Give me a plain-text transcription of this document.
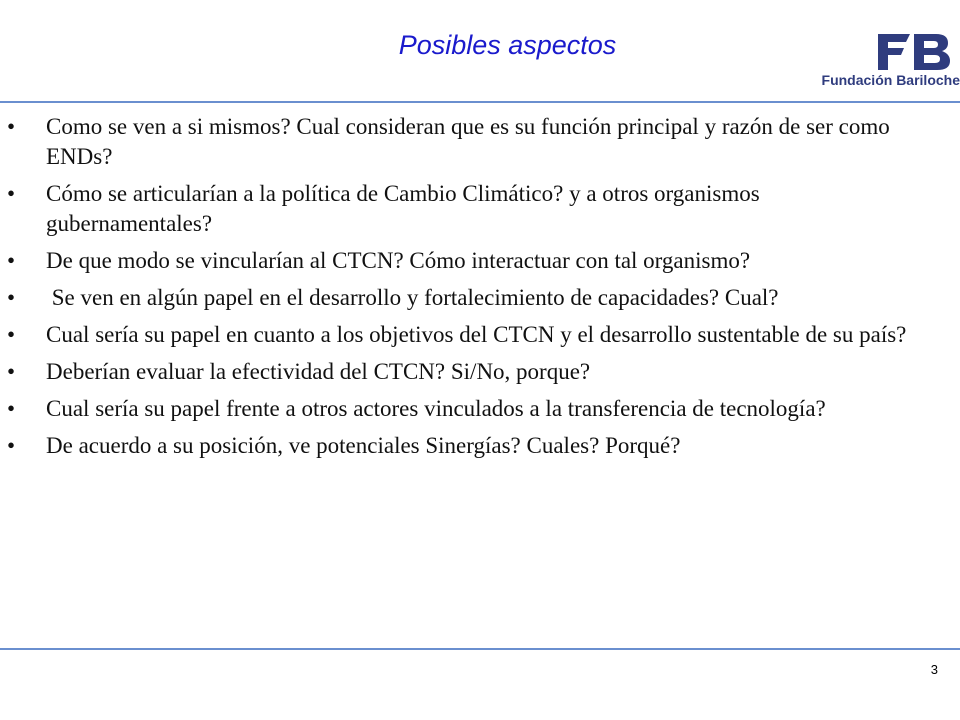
Posibles aspectos
Fundación Bariloche
• Como se ven a si mismos? Cual consideran que es su función principal y razón de ser como ENDs?
• Cómo se articularían a la política de Cambio Climático? y a otros organismos gubernamentales?
• De que modo se vincularían al CTCN? Cómo interactuar con tal organismo?
• Se ven en algún papel en el desarrollo y fortalecimiento de capacidades? Cual?
• Cual sería su papel en cuanto a los objetivos del CTCN y el desarrollo sustentable de su país?
• Deberían evaluar la efectividad del CTCN? Si/No, porque?
• Cual sería su papel frente a otros actores vinculados a la transferencia de tecnología?
• De acuerdo a su posición, ve potenciales Sinergías? Cuales? Porqué?
3
